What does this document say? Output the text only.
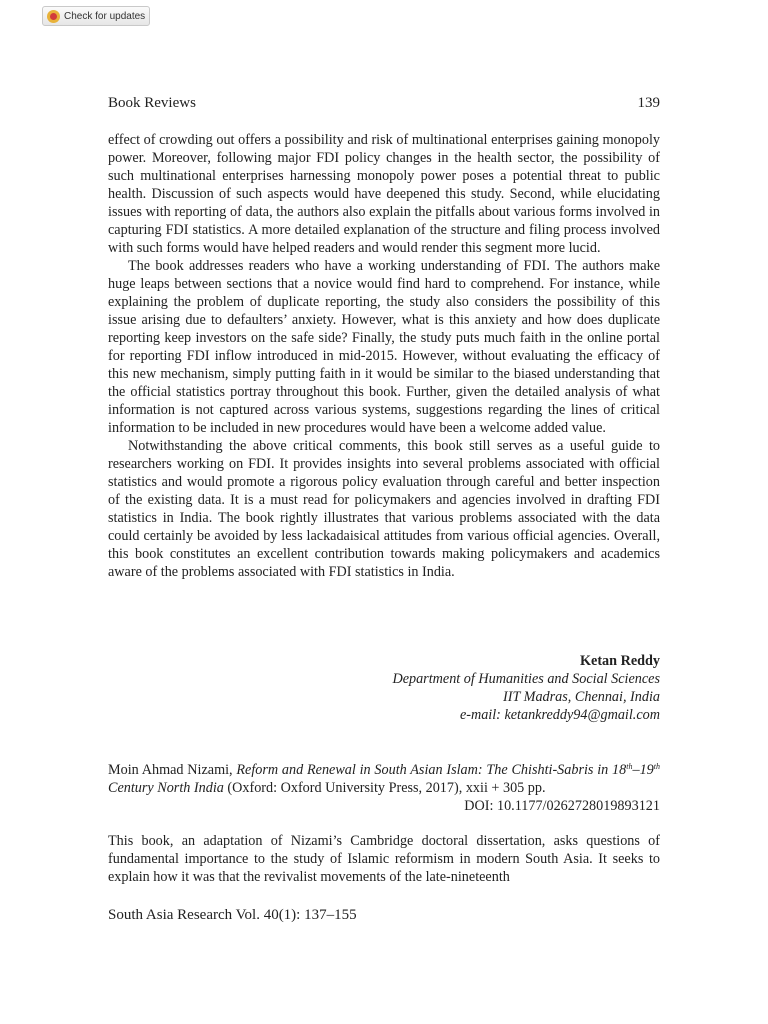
Check for updates
Book Reviews	139

effect of crowding out offers a possibility and risk of multinational enterprises gaining monopoly power. Moreover, following major FDI policy changes in the health sector, the possibility of such multinational enterprises harnessing monopoly power poses a potential threat to public health. Discussion of such aspects would have deepened this study. Second, while elucidating issues with reporting of data, the authors also explain the pitfalls about various forms involved in capturing FDI statistics. A more detailed explanation of the structure and filing process involved with such forms would have helped readers and would render this segment more lucid.

The book addresses readers who have a working understanding of FDI. The authors make huge leaps between sections that a novice would find hard to comprehend. For instance, while explaining the problem of duplicate reporting, the study also considers the possibility of this issue arising due to defaulters’ anxiety. However, what is this anxiety and how does duplicate reporting keep investors on the safe side? Finally, the study puts much faith in the online portal for reporting FDI inflow introduced in mid-2015. However, without evaluating the efficacy of this new mechanism, simply putting faith in it would be similar to the biased understanding that the official statistics portray throughout this book. Further, given the detailed analysis of what information is not captured across various systems, suggestions regarding the lines of critical information to be included in new procedures would have been a welcome added value.

Notwithstanding the above critical comments, this book still serves as a useful guide to researchers working on FDI. It provides insights into several problems associated with official statistics and would promote a rigorous policy evaluation through careful and better inspection of the existing data. It is a must read for policymakers and agencies involved in drafting FDI statistics in India. The book rightly illustrates that various problems associated with the data could certainly be avoided by less lackadaisical attitudes from various official agencies. Overall, this book constitutes an excellent contribution towards making policymakers and academics aware of the problems associated with FDI statistics in India.

Ketan Reddy
Department of Humanities and Social Sciences
IIT Madras, Chennai, India
e-mail: ketankreddy94@gmail.com

Moin Ahmad Nizami, Reform and Renewal in South Asian Islam: The Chishti-Sabris in 18th–19th Century North India (Oxford: Oxford University Press, 2017), xxii + 305 pp.

DOI: 10.1177/0262728019893121

This book, an adaptation of Nizami’s Cambridge doctoral dissertation, asks questions of fundamental importance to the study of Islamic reformism in modern South Asia. It seeks to explain how it was that the revivalist movements of the late-nineteenth

South Asia Research Vol. 40(1): 137–155
